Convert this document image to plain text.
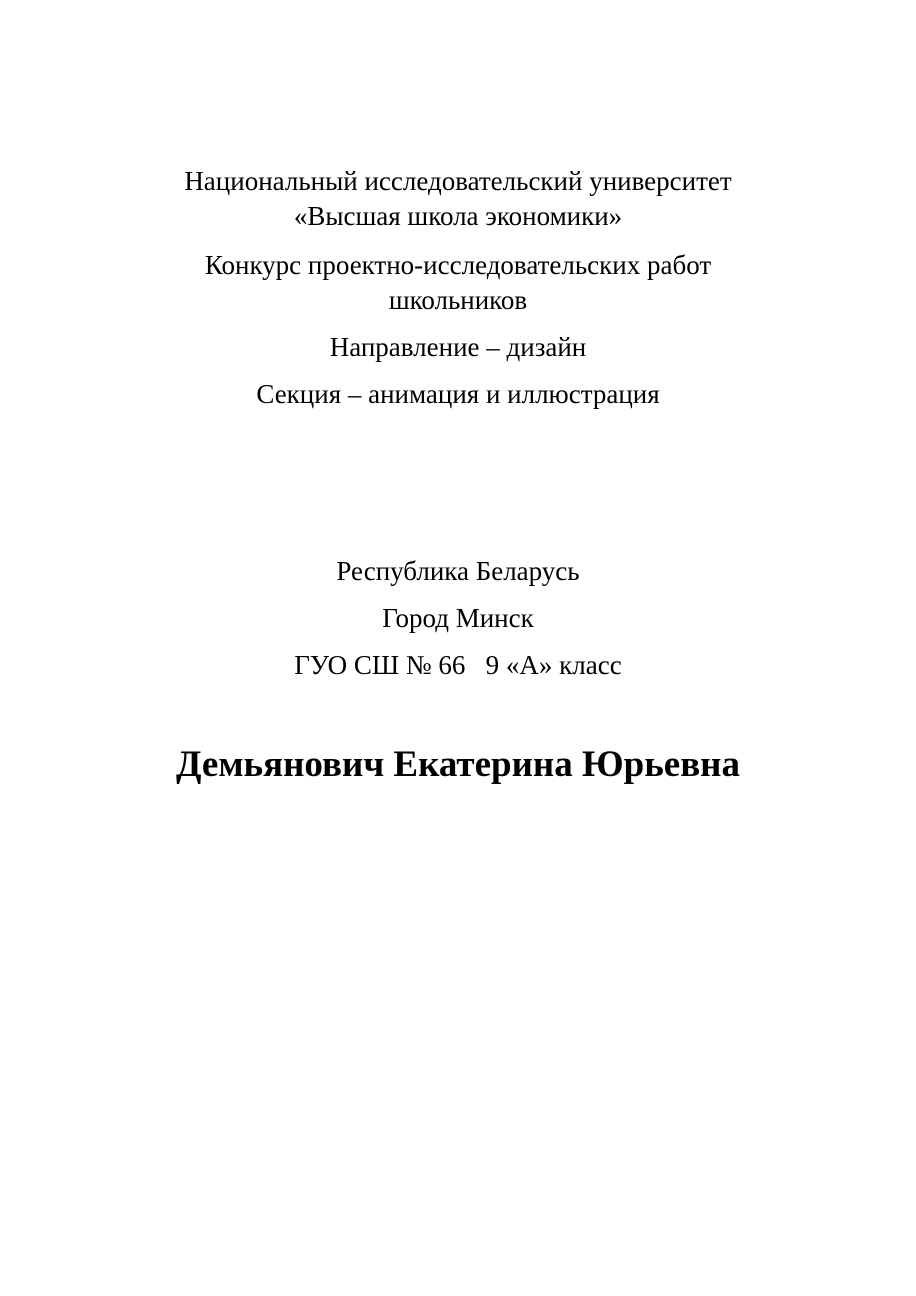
Национальный исследовательский университет
«Высшая школа экономики»
Конкурс проектно-исследовательских работ
школьников
Направление – дизайн
Секция – анимация и иллюстрация
Республика Беларусь
Город Минск
ГУО СШ № 66   9 «А» класс
Демьянович Екатерина Юрьевна
